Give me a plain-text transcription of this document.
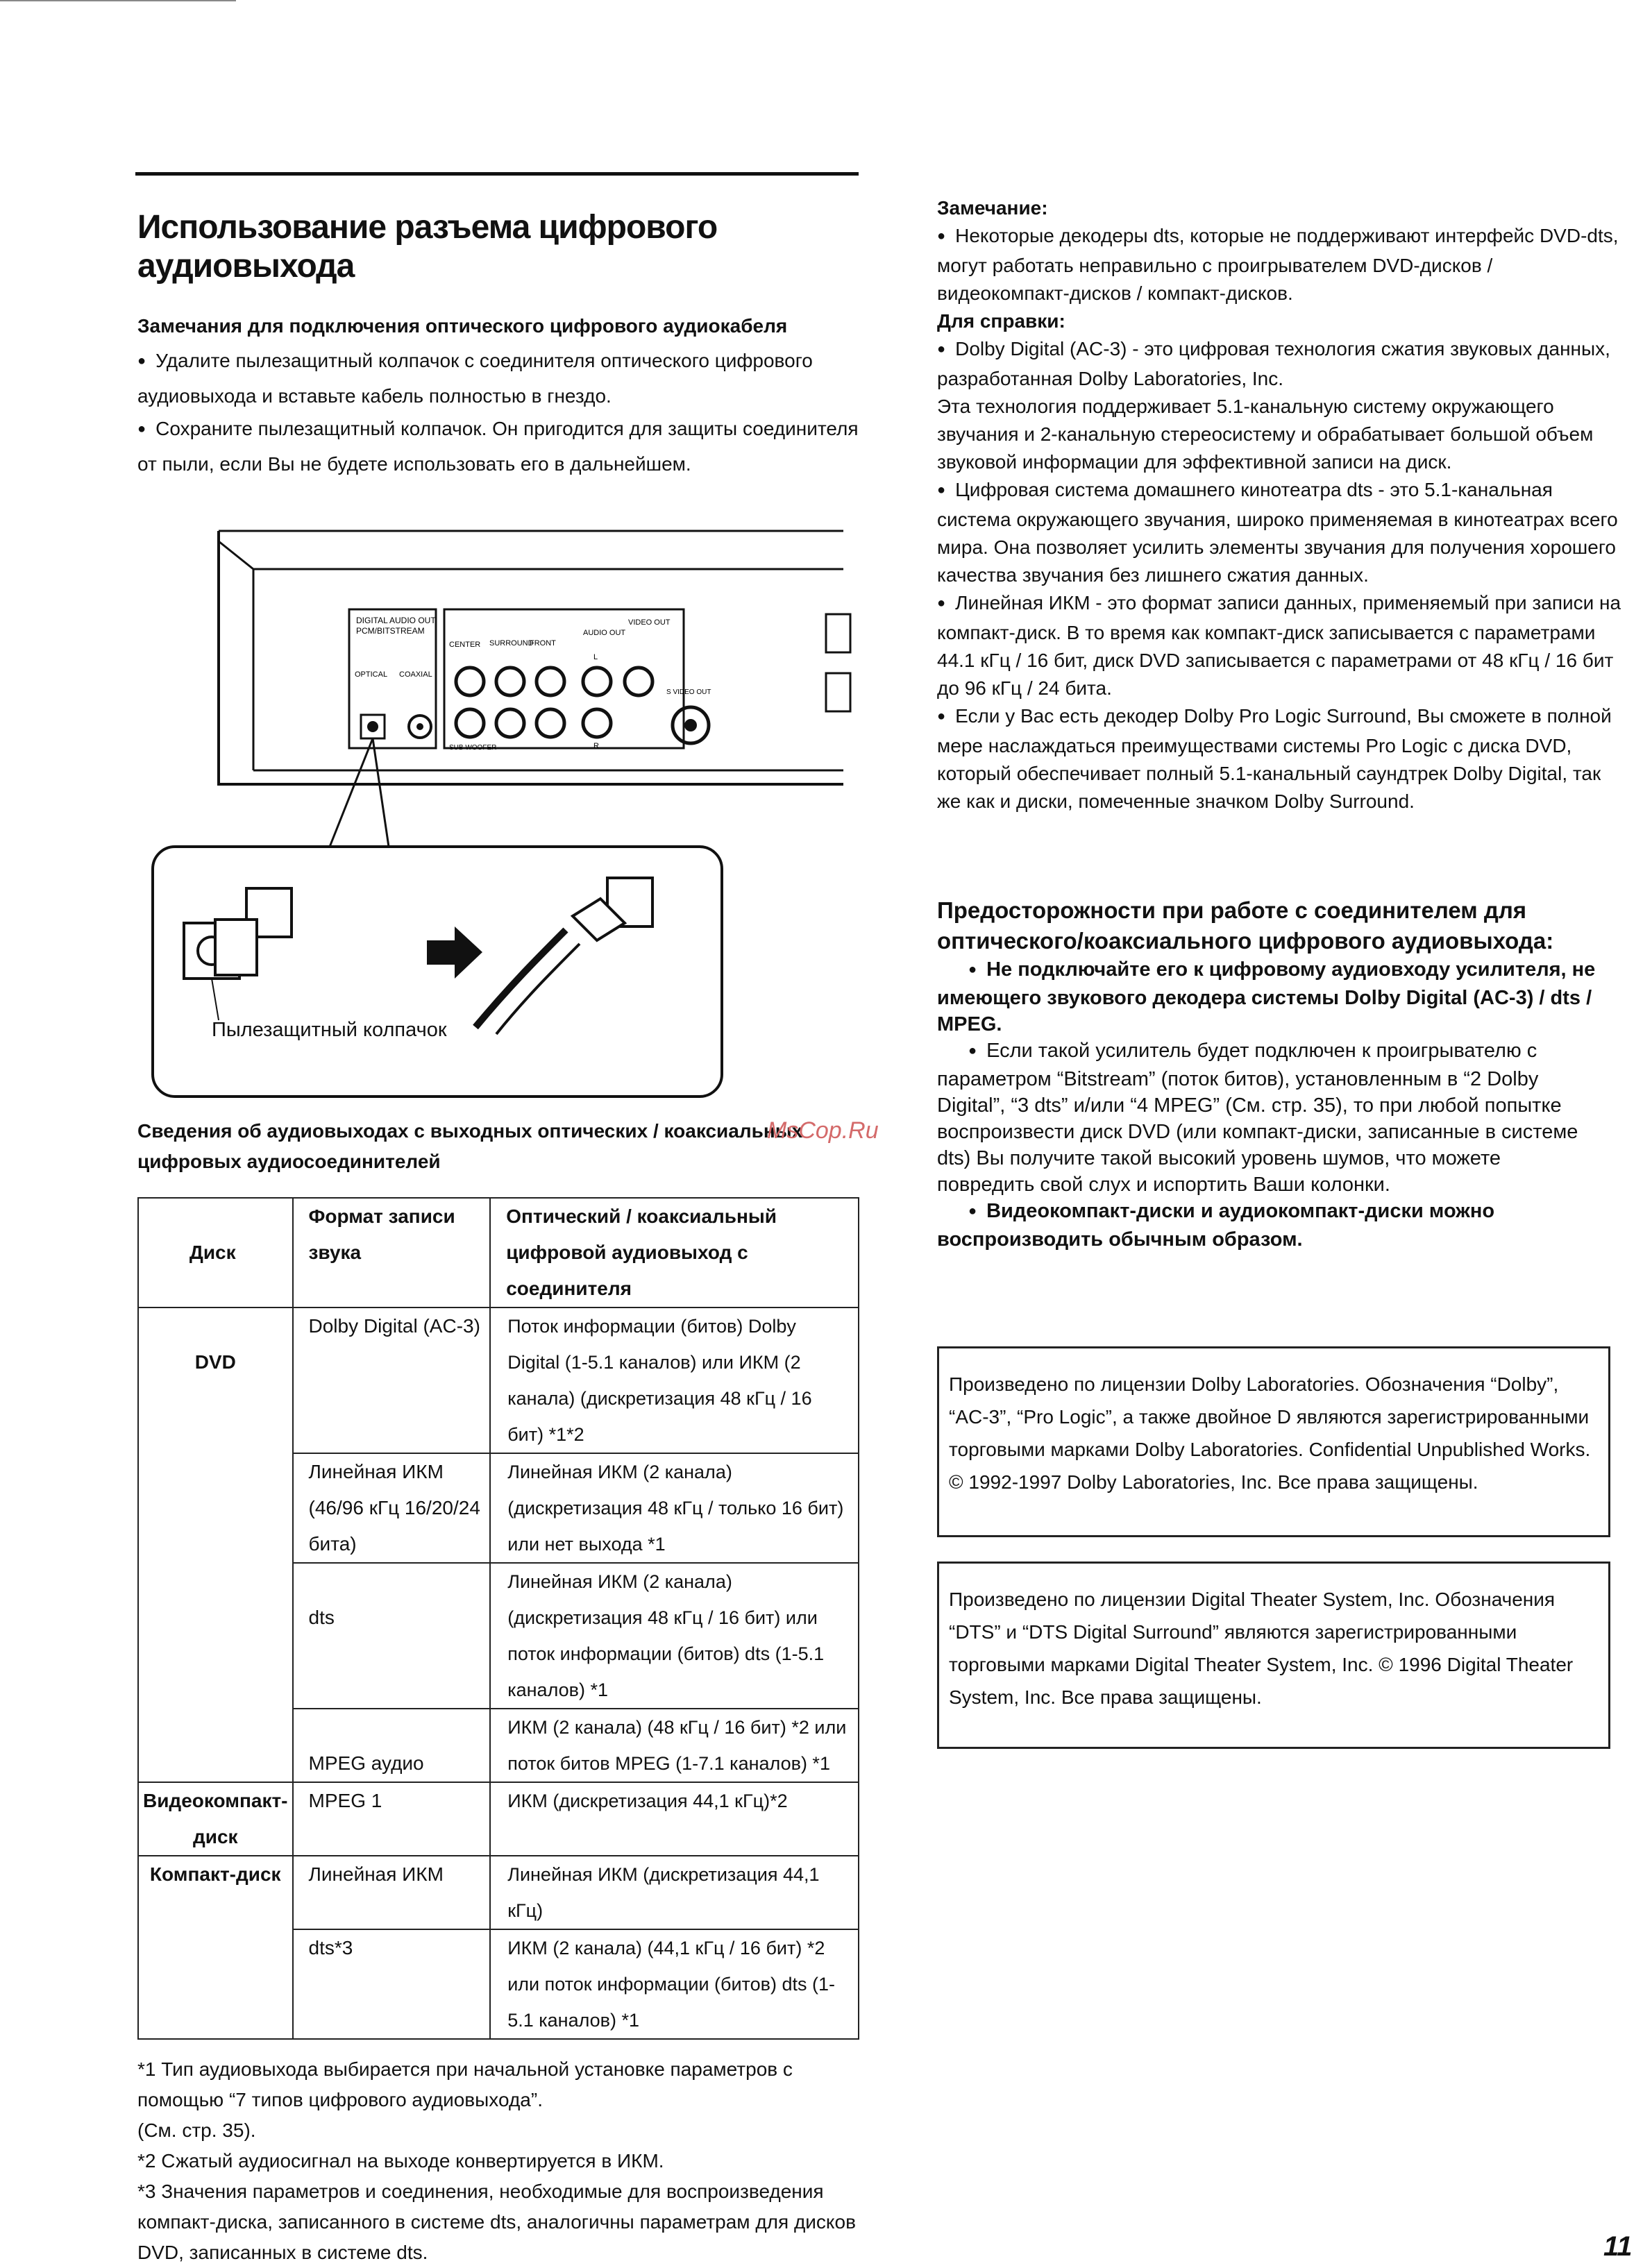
Использование разъема цифрового аудиовыхода
Замечания для подключения оптического цифрового аудиокабеля
● Удалите пылезащитный колпачок с соединителя оптического цифрового аудиовыхода и вставьте кабель полностью в гнездо.
● Сохраните пылезащитный колпачок. Он пригодится для защиты соединителя от пыли, если Вы не будете использовать его в дальнейшем.
DIGITAL AUDIO OUT
PCM/BITSTREAM
OPTICAL COAXIAL
CENTER SURROUND
FRONT
SUB WOOFER
AUDIO OUT
L
R
VIDEO OUT
S VIDEO OUT
Пылезащитный колпачок
Сведения об аудиовыходах с выходных оптических / коаксиальных цифровых аудиосоединителей
MsCop.Ru
Диск	Формат записи звука	Оптический / коаксиальный цифровой аудиовыход с соединителя
DVD	Dolby Digital (AC-3)	Поток информации (битов) Dolby Digital (1-5.1 каналов) или ИКМ (2 канала) (дискретизация 48 кГц / 16 бит) *1*2
	Линейная ИКМ (46/96 кГц 16/20/24 бита)	Линейная ИКМ (2 канала) (дискретизация 48 кГц / только 16 бит) или нет выхода *1
	dts	Линейная ИКМ (2 канала) (дискретизация 48 кГц / 16 бит) или поток информации (битов) dts (1-5.1 каналов) *1
	MPEG аудио	ИКМ (2 канала) (48 кГц / 16 бит) *2 или поток битов MPEG (1-7.1 каналов) *1
Видеокомпакт-диск	MPEG 1	ИКМ (дискретизация 44,1 кГц)*2
Компакт-диск	Линейная ИКМ	Линейная ИКМ (дискретизация 44,1 кГц)
	dts*3	ИКМ (2 канала) (44,1 кГц / 16 бит) *2 или поток информации (битов) dts (1-5.1 каналов) *1

*1 Тип аудиовыхода выбирается при начальной установке параметров с помощью “7 типов цифрового аудиовыхода”.

(См. стр. 35).

*2 Сжатый аудиосигнал на выходе конвертируется в ИКМ.

*3 Значения параметров и соединения, необходимые для воспроизведения компакт-диска, записанного в системе dts, аналогичны параметрам для дисков DVD, записанных в системе dts.

Замечание:
● Некоторые декодеры dts, которые не поддерживают интерфейс DVD-dts, могут работать неправильно с проигрывателем DVD-дисков / видеокомпакт-дисков / компакт-дисков.
Для справки:
● Dolby Digital (AC-3) - это цифровая технология сжатия звуковых данных, разработанная Dolby Laboratories, Inc.
Эта технология поддерживает 5.1-канальную систему окружающего звучания и 2-канальную стереосистему и обрабатывает большой объем звуковой информации для эффективной записи на диск.
● Цифровая система домашнего кинотеатра dts - это 5.1-канальная система окружающего звучания, широко применяемая в кинотеатрах всего мира. Она позволяет усилить элементы звучания для получения хорошего качества звучания без лишнего сжатия данных.
● Линейная ИКМ - это формат записи данных, применяемый при записи на компакт-диск. В то время как компакт-диск записывается с параметрами 44.1 кГц / 16 бит, диск DVD записывается с параметрами от 48 кГц / 16 бит до 96 кГц / 24 бита.
● Если у Вас есть декодер Dolby Pro Logic Surround, Вы сможете в полной мере наслаждаться преимуществами системы Pro Logic с диска DVD, который обеспечивает полный 5.1-канальный саундтрек Dolby Digital, так же как и диски, помеченные значком Dolby Surround.
Предосторожности при работе с соединителем для оптического/коаксиального цифрового аудиовыхода:

● Не подключайте его к цифровому аудиовходу усилителя, не имеющего звукового декодера системы Dolby Digital (AC-3) / dts / MPEG.

● Если такой усилитель будет подключен к проигрывателю с параметром “Bitstream” (поток битов), установленным в “2 Dolby Digital”, “3 dts” и/или “4 MPEG” (См. стр. 35), то при любой попытке воспроизвести диск DVD (или компакт-диски, записанные в системе dts) Вы получите такой высокий уровень шумов, что можете повредить свой слух и испортить Ваши колонки.

● Видеокомпакт-диски и аудиокомпакт-диски можно воспроизводить обычным образом.

Произведено по лицензии Dolby Laboratories. Обозначения “Dolby”, “AC-3”, “Pro Logic”, а также двойное D являются зарегистрированными торговыми марками Dolby Laboratories. Confidential Unpublished Works. © 1992-1997 Dolby Laboratories, Inc. Все права защищены.
Произведено по лицензии Digital Theater System, Inc. Обозначения “DTS” и “DTS Digital Surround” являются зарегистрированными торговыми марками Digital Theater System, Inc. © 1996 Digital Theater System, Inc. Все права защищены.
11
